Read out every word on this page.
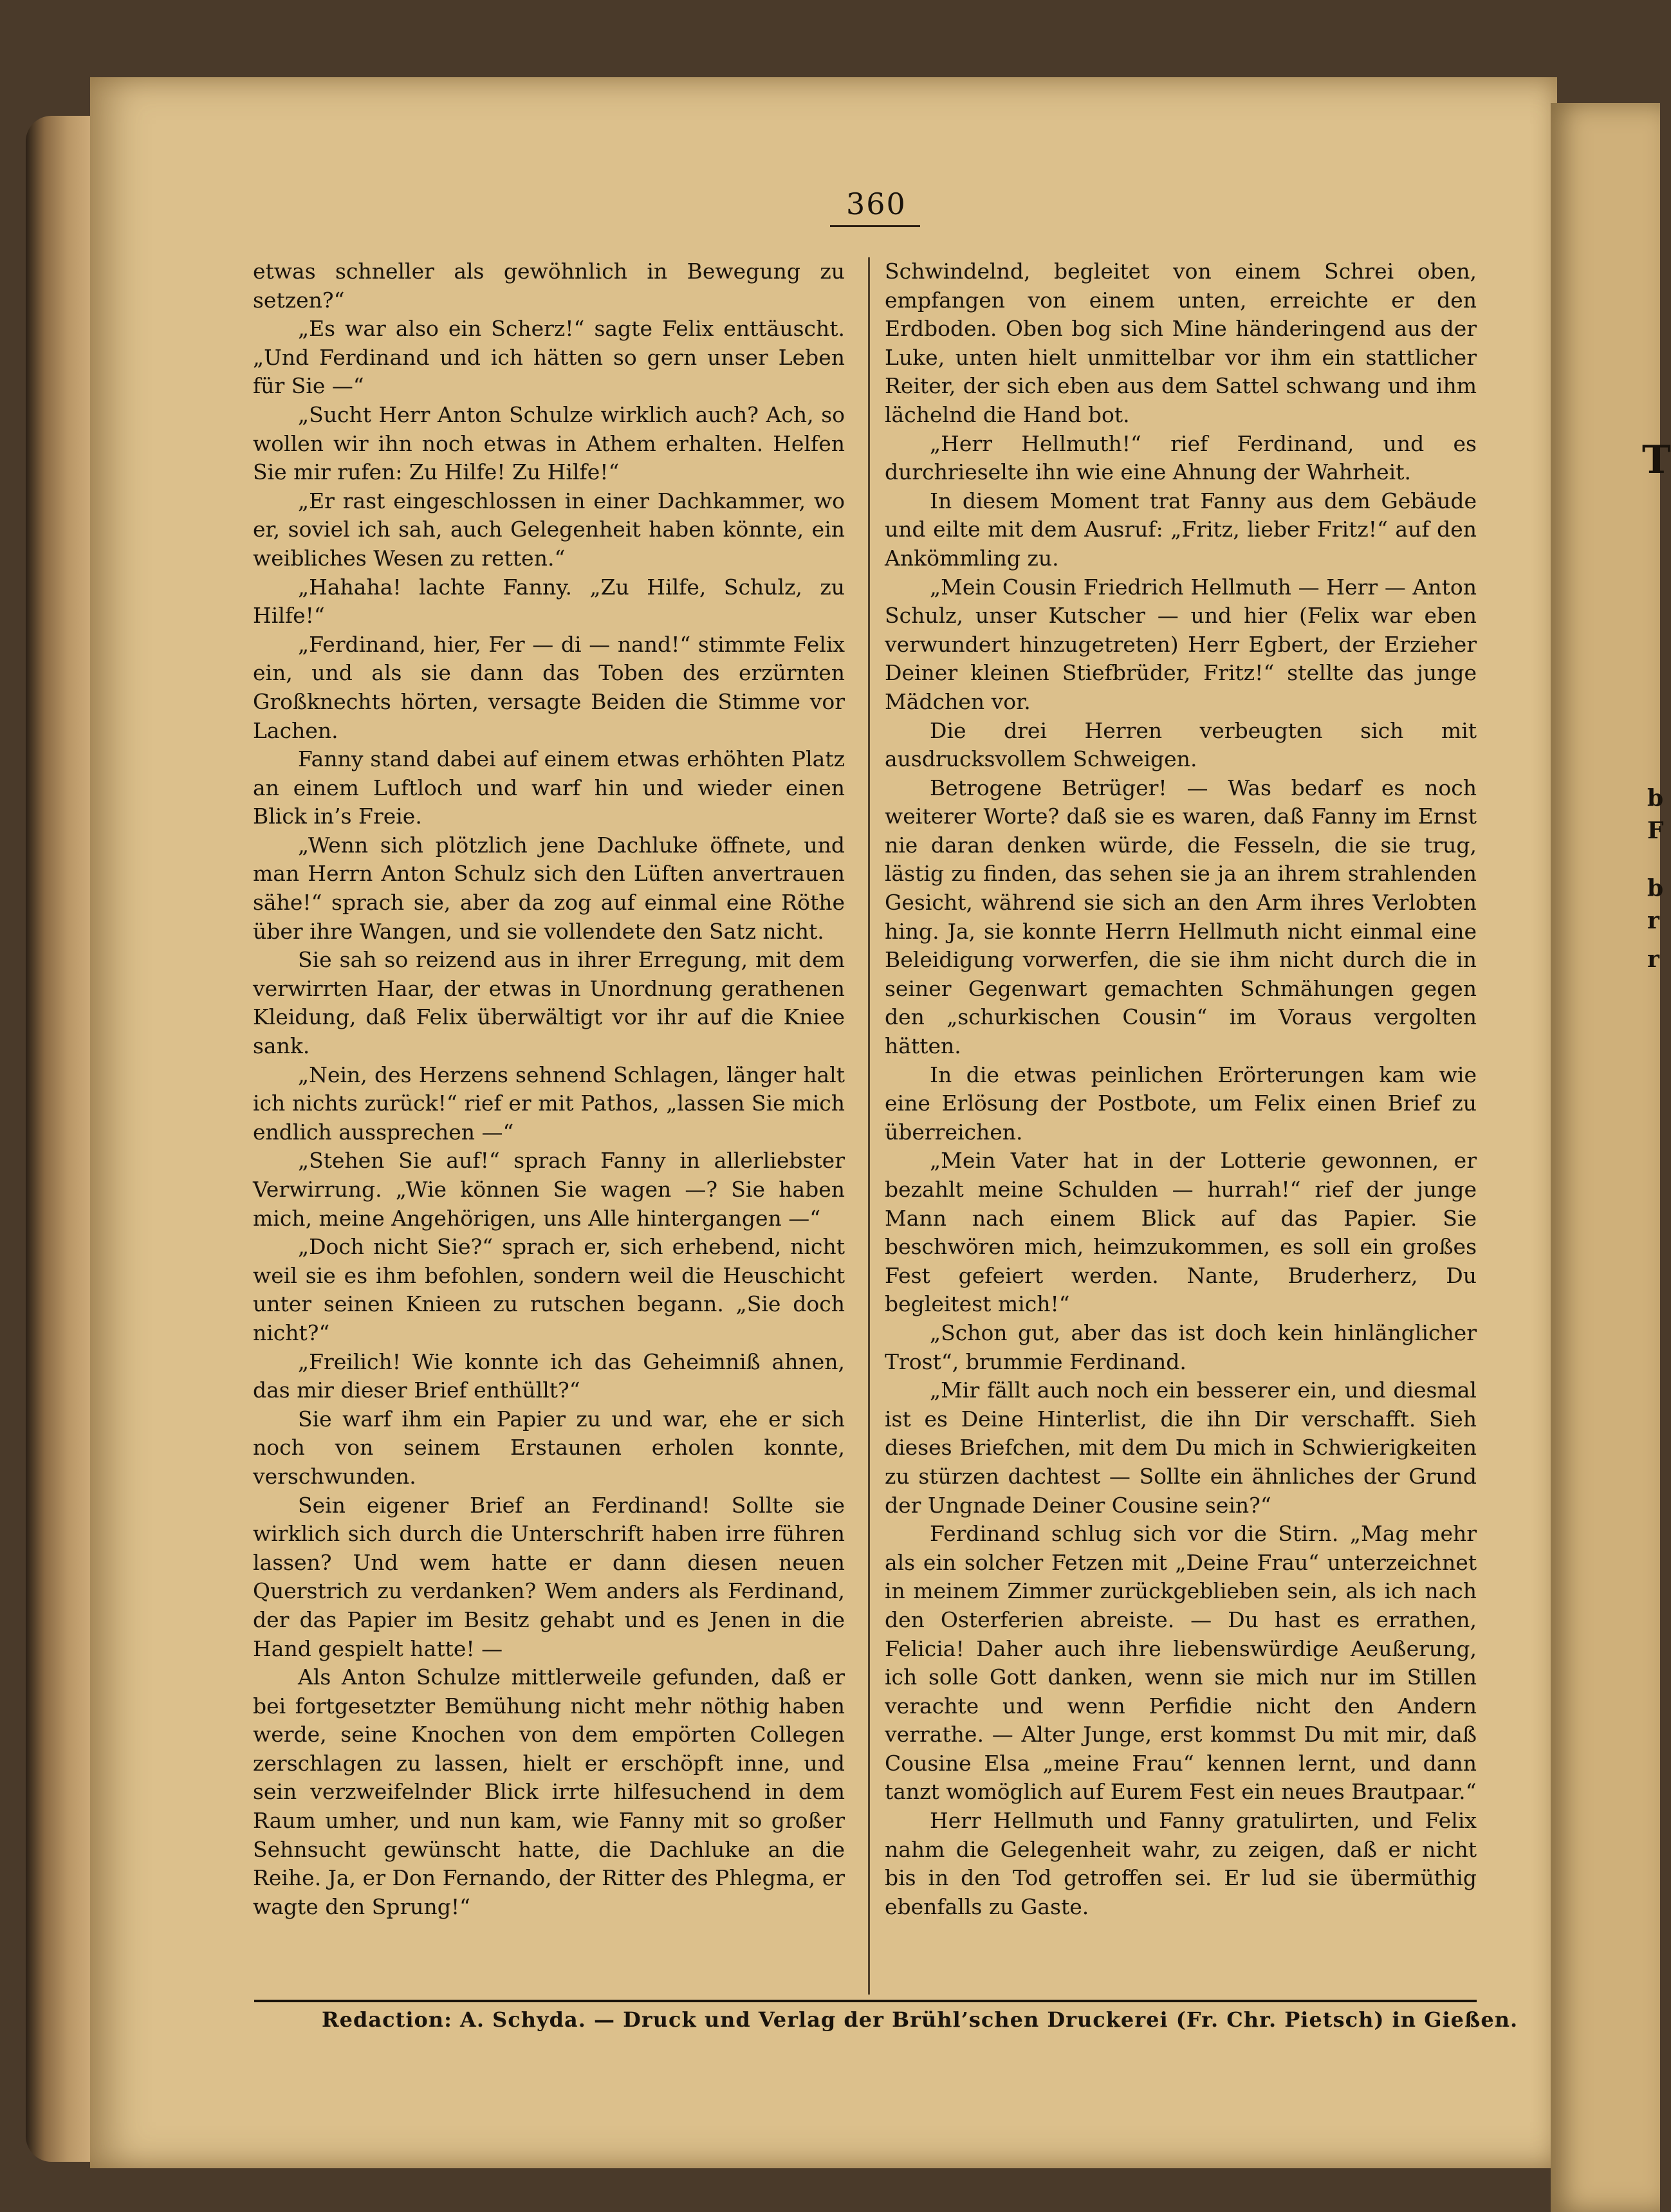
T
b
F
b
r
r
360

etwas schneller als gewöhnlich in Bewegung zu setzen?“

„Es war also ein Scherz!“ sagte Felix enttäuscht. „Und Ferdinand und ich hätten so gern unser Leben für Sie —“

„Sucht Herr Anton Schulze wirklich auch? Ach, so wollen wir ihn noch etwas in Athem erhalten. Helfen Sie mir rufen: Zu Hilfe! Zu Hilfe!“

„Er rast eingeschlossen in einer Dachkammer, wo er, soviel ich sah, auch Gelegenheit haben könnte, ein weibliches Wesen zu retten.“

„Hahaha! lachte Fanny. „Zu Hilfe, Schulz, zu Hilfe!“

„Ferdinand, hier, Fer — di — nand!“ stimmte Felix ein, und als sie dann das Toben des erzürnten Großknechts hörten, versagte Beiden die Stimme vor Lachen.

Fanny stand dabei auf einem etwas erhöhten Platz an einem Luftloch und warf hin und wieder einen Blick in’s Freie.

„Wenn sich plötzlich jene Dachluke öffnete, und man Herrn Anton Schulz sich den Lüften anvertrauen sähe!“ sprach sie, aber da zog auf einmal eine Röthe über ihre Wangen, und sie vollendete den Satz nicht.

Sie sah so reizend aus in ihrer Erregung, mit dem verwirrten Haar, der etwas in Unordnung gerathenen Kleidung, daß Felix überwältigt vor ihr auf die Kniee sank.

„Nein, des Herzens sehnend Schlagen, länger halt ich nichts zurück!“ rief er mit Pathos, „lassen Sie mich endlich aussprechen —“

„Stehen Sie auf!“ sprach Fanny in allerliebster Verwirrung. „Wie können Sie wagen —? Sie haben mich, meine Angehörigen, uns Alle hintergangen —“

„Doch nicht Sie?“ sprach er, sich erhebend, nicht weil sie es ihm befohlen, sondern weil die Heuschicht unter seinen Knieen zu rutschen begann. „Sie doch nicht?“

„Freilich! Wie konnte ich das Geheimniß ahnen, das mir dieser Brief enthüllt?“

Sie warf ihm ein Papier zu und war, ehe er sich noch von seinem Erstaunen erholen konnte, verschwunden.

Sein eigener Brief an Ferdinand! Sollte sie wirklich sich durch die Unterschrift haben irre führen lassen? Und wem hatte er dann diesen neuen Querstrich zu verdanken? Wem anders als Ferdinand, der das Papier im Besitz gehabt und es Jenen in die Hand gespielt hatte! —

Als Anton Schulze mittlerweile gefunden, daß er bei fortgesetzter Bemühung nicht mehr nöthig haben werde, seine Knochen von dem empörten Collegen zerschlagen zu lassen, hielt er erschöpft inne, und sein verzweifelnder Blick irrte hilfesuchend in dem Raum umher, und nun kam, wie Fanny mit so großer Sehnsucht gewünscht hatte, die Dachluke an die Reihe. Ja, er Don Fernando, der Ritter des Phlegma, er wagte den Sprung!“

Schwindelnd, begleitet von einem Schrei oben, empfangen von einem unten, erreichte er den Erdboden. Oben bog sich Mine händeringend aus der Luke, unten hielt unmittelbar vor ihm ein stattlicher Reiter, der sich eben aus dem Sattel schwang und ihm lächelnd die Hand bot.

„Herr Hellmuth!“ rief Ferdinand, und es durchrieselte ihn wie eine Ahnung der Wahrheit.

In diesem Moment trat Fanny aus dem Gebäude und eilte mit dem Ausruf: „Fritz, lieber Fritz!“ auf den Ankömmling zu.

„Mein Cousin Friedrich Hellmuth — Herr — Anton Schulz, unser Kutscher — und hier (Felix war eben verwundert hinzugetreten) Herr Egbert, der Erzieher Deiner kleinen Stiefbrüder, Fritz!“ stellte das junge Mädchen vor.

Die drei Herren verbeugten sich mit ausdrucksvollem Schweigen.

Betrogene Betrüger! — Was bedarf es noch weiterer Worte? daß sie es waren, daß Fanny im Ernst nie daran denken würde, die Fesseln, die sie trug, lästig zu finden, das sehen sie ja an ihrem strahlenden Gesicht, während sie sich an den Arm ihres Verlobten hing. Ja, sie konnte Herrn Hellmuth nicht einmal eine Beleidigung vorwerfen, die sie ihm nicht durch die in seiner Gegenwart gemachten Schmähungen gegen den „schurkischen Cousin“ im Voraus vergolten hätten.

In die etwas peinlichen Erörterungen kam wie eine Erlösung der Postbote, um Felix einen Brief zu überreichen.

„Mein Vater hat in der Lotterie gewonnen, er bezahlt meine Schulden — hurrah!“ rief der junge Mann nach einem Blick auf das Papier. Sie beschwören mich, heimzukommen, es soll ein großes Fest gefeiert werden. Nante, Bruderherz, Du begleitest mich!“

„Schon gut, aber das ist doch kein hinlänglicher Trost“, brummie Ferdinand.

„Mir fällt auch noch ein besserer ein, und diesmal ist es Deine Hinterlist, die ihn Dir verschafft. Sieh dieses Briefchen, mit dem Du mich in Schwierigkeiten zu stürzen dachtest — Sollte ein ähnliches der Grund der Ungnade Deiner Cousine sein?“

Ferdinand schlug sich vor die Stirn. „Mag mehr als ein solcher Fetzen mit „Deine Frau“ unterzeichnet in meinem Zimmer zurückgeblieben sein, als ich nach den Osterferien abreiste. — Du hast es errathen, Felicia! Daher auch ihre liebenswürdige Aeußerung, ich solle Gott danken, wenn sie mich nur im Stillen verachte und wenn Perfidie nicht den Andern verrathe. — Alter Junge, erst kommst Du mit mir, daß Cousine Elsa „meine Frau“ kennen lernt, und dann tanzt womöglich auf Eurem Fest ein neues Brautpaar.“

Herr Hellmuth und Fanny gratulirten, und Felix nahm die Gelegenheit wahr, zu zeigen, daß er nicht bis in den Tod getroffen sei. Er lud sie übermüthig ebenfalls zu Gaste.

Redaction: A. Schyda. — Druck und Verlag der Brühl’schen Druckerei (Fr. Chr. Pietsch) in Gießen.
